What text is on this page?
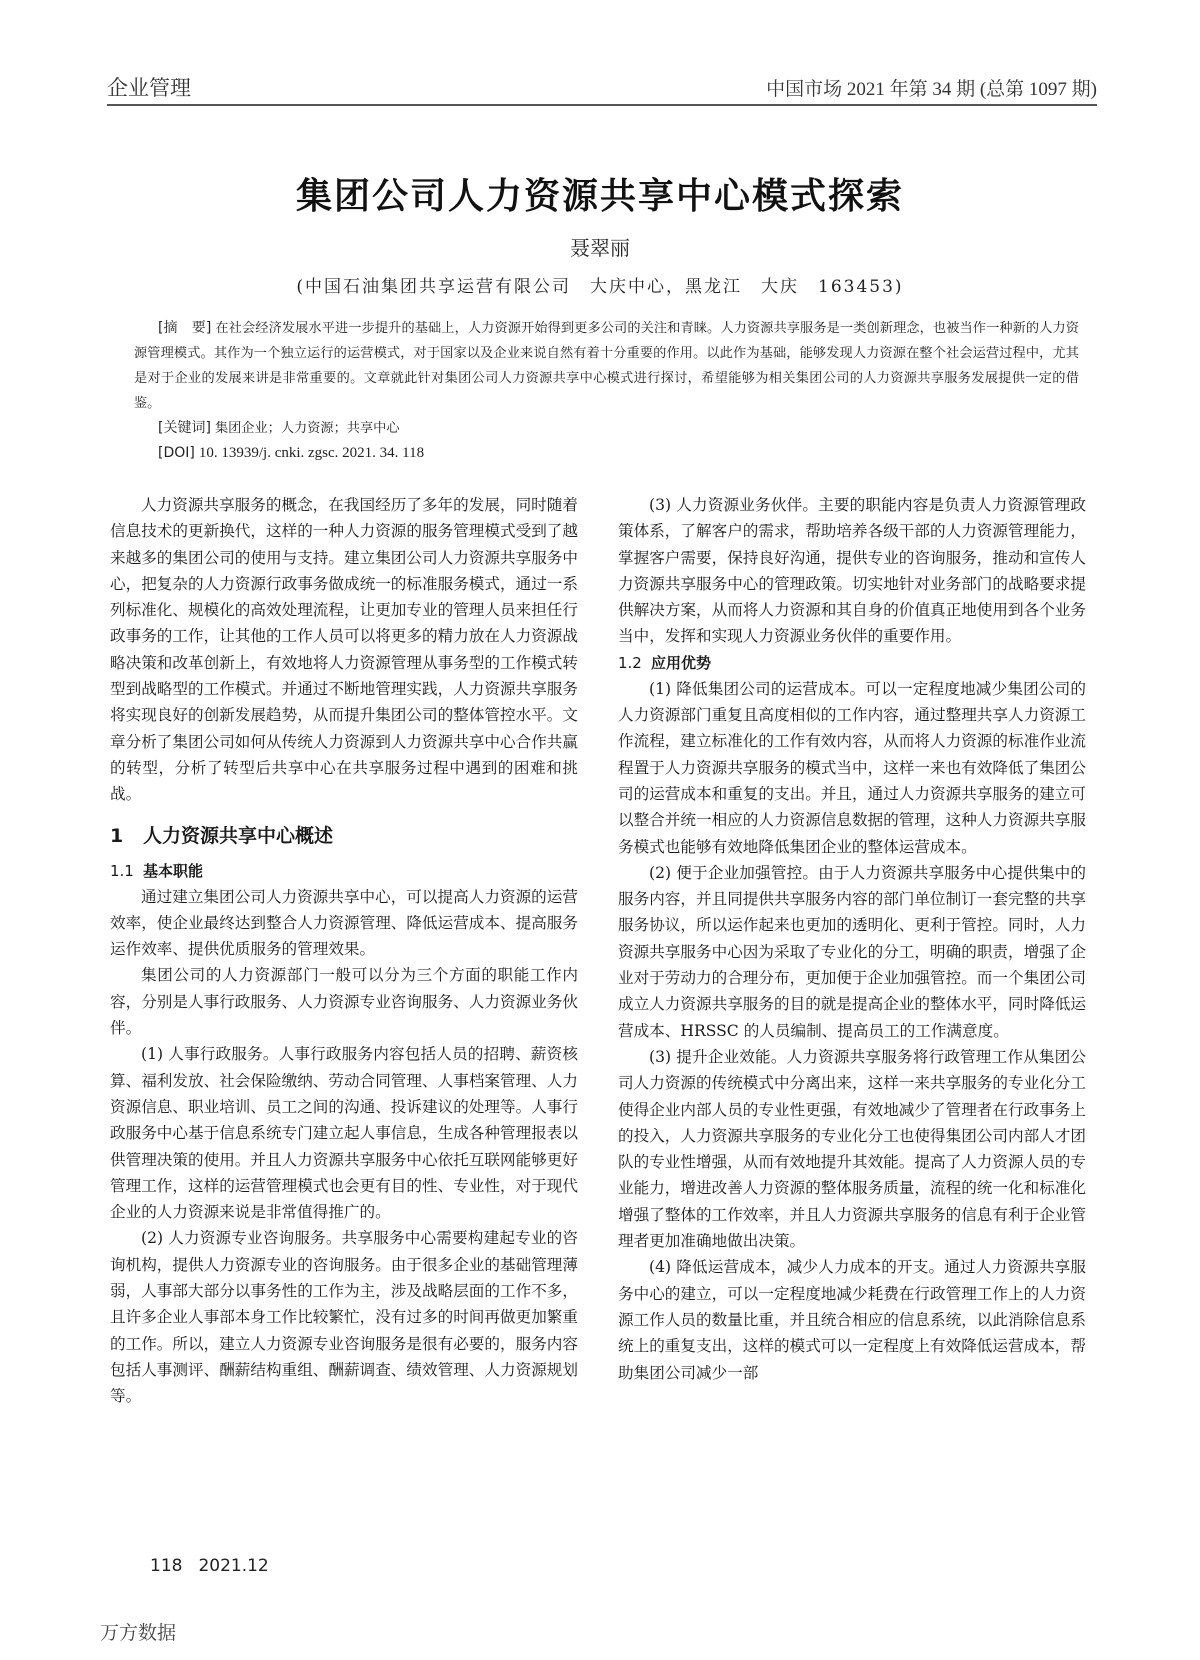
企业管理	中国市场 2021 年第 34 期 (总第 1097 期)
集团公司人力资源共享中心模式探索
聂翠丽
(中国石油集团共享运营有限公司　大庆中心，黑龙江　大庆　163453)

[摘　要] 在社会经济发展水平进一步提升的基础上，人力资源开始得到更多公司的关注和青睐。人力资源共享服务是一类创新理念，也被当作一种新的人力资源管理模式。其作为一个独立运行的运营模式，对于国家以及企业来说自然有着十分重要的作用。以此作为基础，能够发现人力资源在整个社会运营过程中，尤其是对于企业的发展来讲是非常重要的。文章就此针对集团公司人力资源共享中心模式进行探讨，希望能够为相关集团公司的人力资源共享服务发展提供一定的借鉴。

[关键词] 集团企业；人力资源；共享中心

[DOI] 10. 13939/j. cnki. zgsc. 2021. 34. 118

人力资源共享服务的概念，在我国经历了多年的发展，同时随着信息技术的更新换代，这样的一种人力资源的服务管理模式受到了越来越多的集团公司的使用与支持。建立集团公司人力资源共享服务中心，把复杂的人力资源行政事务做成统一的标准服务模式，通过一系列标准化、规模化的高效处理流程，让更加专业的管理人员来担任行政事务的工作，让其他的工作人员可以将更多的精力放在人力资源战略决策和改革创新上，有效地将人力资源管理从事务型的工作模式转型到战略型的工作模式。并通过不断地管理实践，人力资源共享服务将实现良好的创新发展趋势，从而提升集团公司的整体管控水平。文章分析了集团公司如何从传统人力资源到人力资源共享中心合作共赢的转型，分析了转型后共享中心在共享服务过程中遇到的困难和挑战。

1 人力资源共享中心概述
1.1 基本职能

通过建立集团公司人力资源共享中心，可以提高人力资源的运营效率，使企业最终达到整合人力资源管理、降低运营成本、提高服务运作效率、提供优质服务的管理效果。

集团公司的人力资源部门一般可以分为三个方面的职能工作内容，分别是人事行政服务、人力资源专业咨询服务、人力资源业务伙伴。

(1) 人事行政服务。人事行政服务内容包括人员的招聘、薪资核算、福利发放、社会保险缴纳、劳动合同管理、人事档案管理、人力资源信息、职业培训、员工之间的沟通、投诉建议的处理等。人事行政服务中心基于信息系统专门建立起人事信息，生成各种管理报表以供管理决策的使用。并且人力资源共享服务中心依托互联网能够更好管理工作，这样的运营管理模式也会更有目的性、专业性，对于现代企业的人力资源来说是非常值得推广的。

(2) 人力资源专业咨询服务。共享服务中心需要构建起专业的咨询机构，提供人力资源专业的咨询服务。由于很多企业的基础管理薄弱，人事部大部分以事务性的工作为主，涉及战略层面的工作不多，且许多企业人事部本身工作比较繁忙，没有过多的时间再做更加繁重的工作。所以，建立人力资源专业咨询服务是很有必要的，服务内容包括人事测评、酬薪结构重组、酬薪调查、绩效管理、人力资源规划等。

(3) 人力资源业务伙伴。主要的职能内容是负责人力资源管理政策体系，了解客户的需求，帮助培养各级干部的人力资源管理能力，掌握客户需要，保持良好沟通，提供专业的咨询服务，推动和宣传人力资源共享服务中心的管理政策。切实地针对业务部门的战略要求提供解决方案，从而将人力资源和其自身的价值真正地使用到各个业务当中，发挥和实现人力资源业务伙伴的重要作用。

1.2 应用优势

(1) 降低集团公司的运营成本。可以一定程度地减少集团公司的人力资源部门重复且高度相似的工作内容，通过整理共享人力资源工作流程，建立标准化的工作有效内容，从而将人力资源的标准作业流程置于人力资源共享服务的模式当中，这样一来也有效降低了集团公司的运营成本和重复的支出。并且，通过人力资源共享服务的建立可以整合并统一相应的人力资源信息数据的管理，这种人力资源共享服务模式也能够有效地降低集团企业的整体运营成本。

(2) 便于企业加强管控。由于人力资源共享服务中心提供集中的服务内容，并且同提供共享服务内容的部门单位制订一套完整的共享服务协议，所以运作起来也更加的透明化、更利于管控。同时，人力资源共享服务中心因为采取了专业化的分工，明确的职责，增强了企业对于劳动力的合理分布，更加便于企业加强管控。而一个集团公司成立人力资源共享服务的目的就是提高企业的整体水平，同时降低运营成本、HRSSC 的人员编制、提高员工的工作满意度。

(3) 提升企业效能。人力资源共享服务将行政管理工作从集团公司人力资源的传统模式中分离出来，这样一来共享服务的专业化分工使得企业内部人员的专业性更强，有效地减少了管理者在行政事务上的投入，人力资源共享服务的专业化分工也使得集团公司内部人才团队的专业性增强，从而有效地提升其效能。提高了人力资源人员的专业能力，增进改善人力资源的整体服务质量，流程的统一化和标准化增强了整体的工作效率，并且人力资源共享服务的信息有利于企业管理者更加准确地做出决策。

(4) 降低运营成本，减少人力成本的开支。通过人力资源共享服务中心的建立，可以一定程度地减少耗费在行政管理工作上的人力资源工作人员的数量比重，并且统合相应的信息系统，以此消除信息系统上的重复支出，这样的模式可以一定程度上有效降低运营成本，帮助集团公司减少一部

118 2021.12
万方数据
